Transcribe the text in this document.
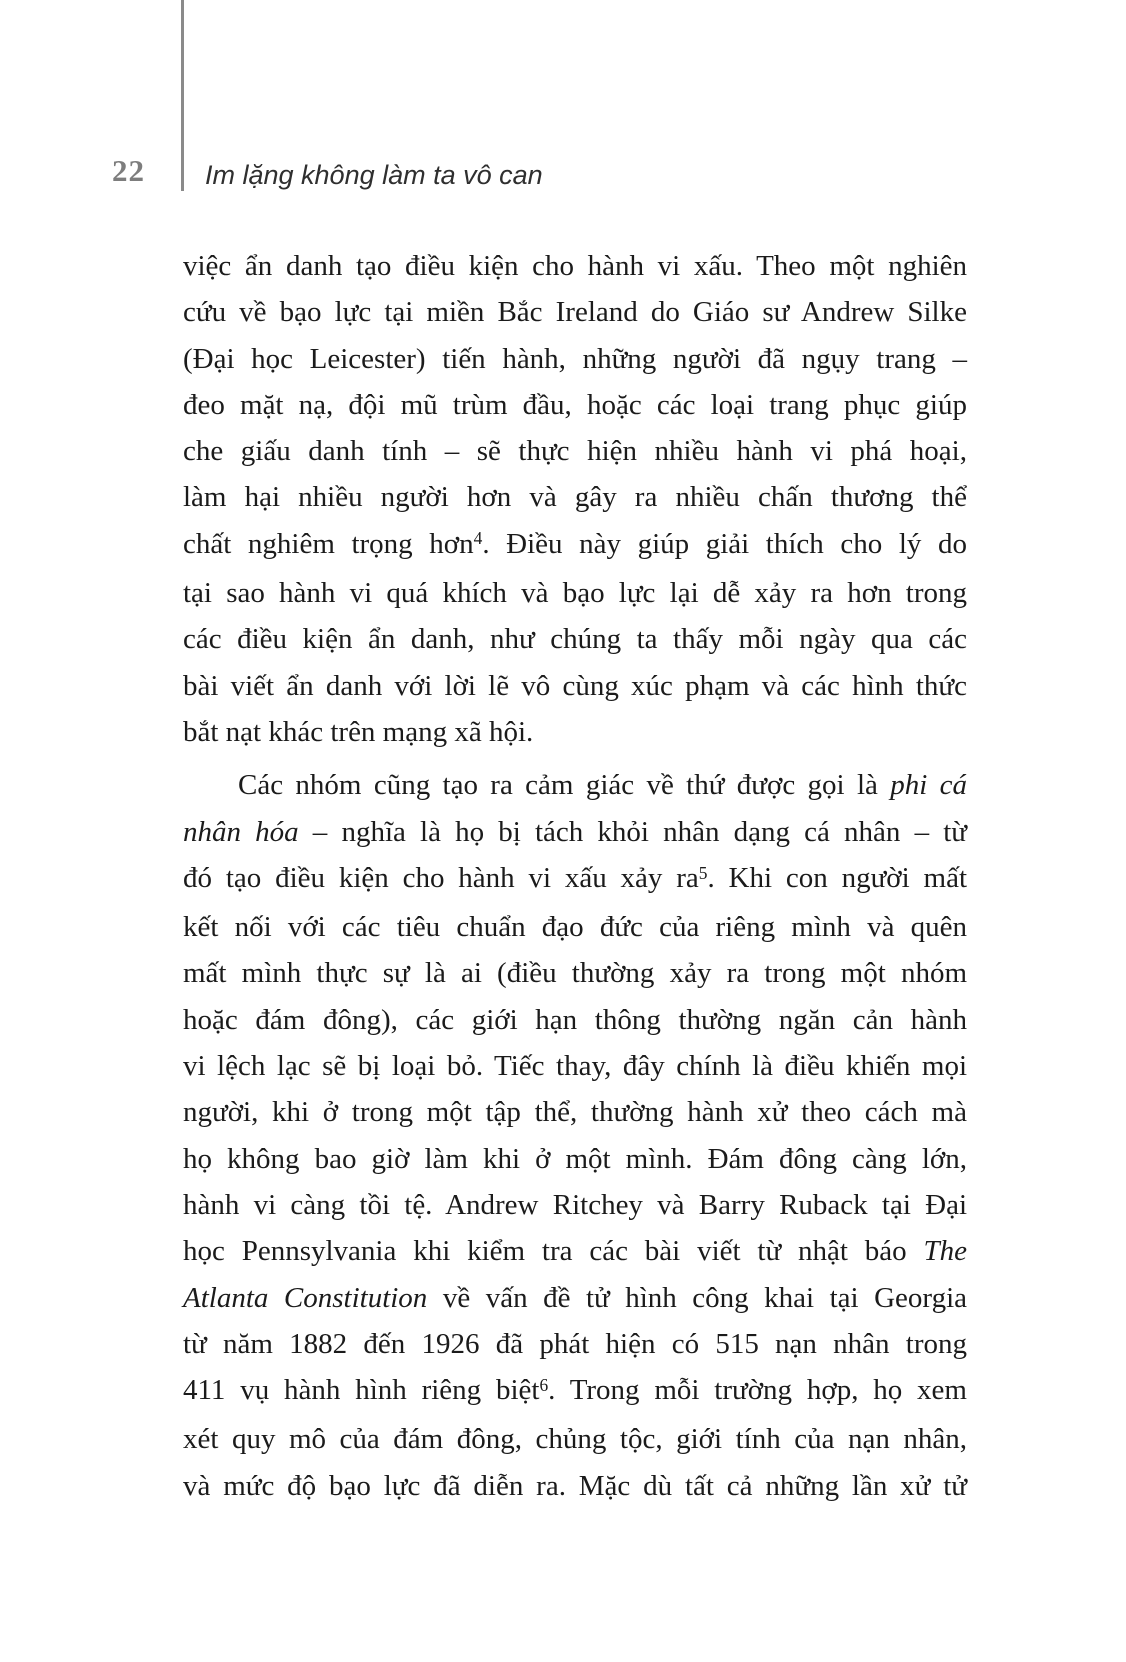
22 Im lặng không làm ta vô can
việc ẩn danh tạo điều kiện cho hành vi xấu. Theo một nghiên
cứu về bạo lực tại miền Bắc Ireland do Giáo sư Andrew Silke
(Đại học Leicester) tiến hành, những người đã ngụy trang –
đeo mặt nạ, đội mũ trùm đầu, hoặc các loại trang phục giúp
che giấu danh tính – sẽ thực hiện nhiều hành vi phá hoại,
làm hại nhiều người hơn và gây ra nhiều chấn thương thể
chất nghiêm trọng hơn$^4$. Điều này giúp giải thích cho lý do
tại sao hành vi quá khích và bạo lực lại dễ xảy ra hơn trong
các điều kiện ẩn danh, như chúng ta thấy mỗi ngày qua các
bài viết ẩn danh với lời lẽ vô cùng xúc phạm và các hình thức
bắt nạt khác trên mạng xã hội.
Các nhóm cũng tạo ra cảm giác về thứ được gọi là phi cá
nhân hóa – nghĩa là họ bị tách khỏi nhân dạng cá nhân – từ
đó tạo điều kiện cho hành vi xấu xảy $ra^5$. Khi con người mất
kết nối với các tiêu chuẩn đạo đức của riêng mình và quên
mất mình thực sự là ai (điều thường xảy ra trong một nhóm
hoặc đám đông), các giới hạn thông thường ngăn cản hành
vi lệch lạc sẽ bị loại bỏ. Tiếc thay, đây chính là điều khiến mọi
người, khi ở trong một tập thể, thường hành xử theo cách mà
họ không bao giờ làm khi ở một mình. Đám đông càng lớn,
hành vi càng tồi tệ. Andrew Ritchey và Barry Ruback tại Đại
học Pennsylvania khi kiểm tra các bài viết từ nhật báo The
Atlanta Constitution về vấn đề tử hình công khai tại Georgia
từ năm 1882 đến 1926 đã phát hiện có 515 nạn nhân trong
411 vụ hành hình riêng biệt$^6$. Trong mỗi trường hợp, họ xem
xét quy mô của đám đông, chủng tộc, giới tính của nạn nhân,
và mức độ bạo lực đã diễn ra. Mặc dù tất cả những lần xử tử
